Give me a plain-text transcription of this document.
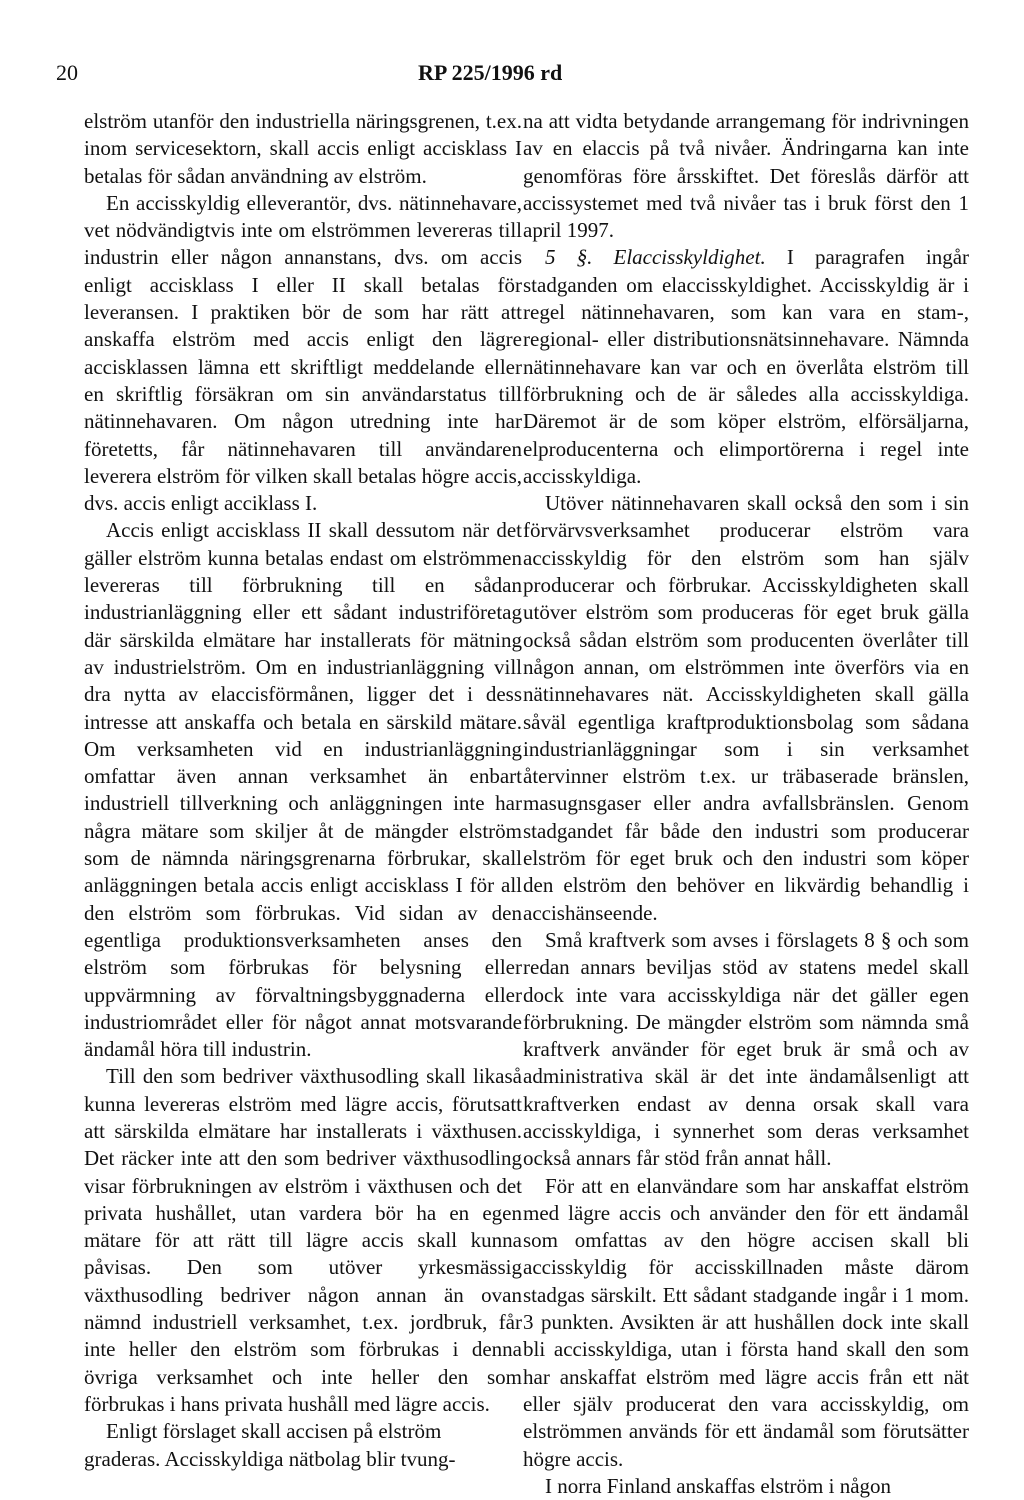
20	RP 225/1996 rd

elström utanför den industriella näringsgrenen, t.ex. inom servicesektorn, skall accis enligt accisklass I betalas för sådan användning av elström.

En accisskyldig elleverantör, dvs. nätinnehavare, vet nödvändigtvis inte om elströmmen levereras till industrin eller någon annanstans, dvs. om accis enligt accisklass I eller II skall betalas för leveransen. I praktiken bör de som har rätt att anskaffa elström med accis enligt den lägre accisklassen lämna ett skriftligt meddelande eller en skriftlig försäkran om sin användarstatus till nätinnehavaren. Om någon utredning inte har företetts, får nätinnehavaren till användaren leverera elström för vilken skall betalas högre accis, dvs. accis enligt acciklass I.

Accis enligt accisklass II skall dessutom när det gäller elström kunna betalas endast om elströmmen levereras till förbrukning till en sådan industrianläggning eller ett sådant industriföretag där särskilda elmätare har installerats för mätning av industrielström. Om en industrianläggning vill dra nytta av elaccisförmånen, ligger det i dess intresse att anskaffa och betala en särskild mätare. Om verksamheten vid en industrianläggning omfattar även annan verksamhet än enbart industriell tillverkning och anläggningen inte har några mätare som skiljer åt de mängder elström som de nämnda näringsgrenarna förbrukar, skall anläggningen betala accis enligt accisklass I för all den elström som förbrukas. Vid sidan av den egentliga produktionsverksamheten anses den elström som förbrukas för belysning eller uppvärmning av förvaltningsbyggnaderna eller industriområdet eller för något annat motsvarande ändamål höra till industrin.

Till den som bedriver växthusodling skall likaså kunna levereras elström med lägre accis, förutsatt att särskilda elmätare har installerats i växthusen. Det räcker inte att den som bedriver växthusodling visar förbrukningen av elström i växthusen och det privata hushållet, utan vardera bör ha en egen mätare för att rätt till lägre accis skall kunna påvisas. Den som utöver yrkesmässig växthusodling bedriver någon annan än ovan nämnd industriell verksamhet, t.ex. jordbruk, får inte heller den elström som förbrukas i denna övriga verksamhet och inte heller den som förbrukas i hans privata hushåll med lägre accis.

Enligt förslaget skall accisen på elström graderas. Accisskyldiga nätbolag blir tvung-

na att vidta betydande arrangemang för indrivningen av en elaccis på två nivåer. Ändringarna kan inte genomföras före årsskiftet. Det föreslås därför att accissystemet med två nivåer tas i bruk först den 1 april 1997.

5 §. Elaccisskyldighet. I paragrafen ingår stadganden om elaccisskyldighet. Accisskyldig är i regel nätinnehavaren, som kan vara en stam-, regional- eller distributionsnätsinnehavare. Nämnda nätinnehavare kan var och en överlåta elström till förbrukning och de är således alla accisskyldiga. Däremot är de som köper elström, elförsäljarna, elproducenterna och elimportörerna i regel inte accisskyldiga.

Utöver nätinnehavaren skall också den som i sin förvärvsverksamhet producerar elström vara accisskyldig för den elström som han själv producerar och förbrukar. Accisskyldigheten skall utöver elström som produceras för eget bruk gälla också sådan elström som producenten överlåter till någon annan, om elströmmen inte överförs via en nätinnehavares nät. Accisskyldigheten skall gälla såväl egentliga kraftproduktionsbolag som sådana industrianläggningar som i sin verksamhet återvinner elström t.ex. ur träbaserade bränslen, masugnsgaser eller andra avfallsbränslen. Genom stadgandet får både den industri som producerar elström för eget bruk och den industri som köper den elström den behöver en likvärdig behandlig i accishänseende.

Små kraftverk som avses i förslagets 8 § och som redan annars beviljas stöd av statens medel skall dock inte vara accisskyldiga när det gäller egen förbrukning. De mängder elström som nämnda små kraftverk använder för eget bruk är små och av administrativa skäl är det inte ändamålsenligt att kraftverken endast av denna orsak skall vara accisskyldiga, i synnerhet som deras verksamhet också annars får stöd från annat håll.

För att en elanvändare som har anskaffat elström med lägre accis och använder den för ett ändamål som omfattas av den högre accisen skall bli accisskyldig för accisskillnaden måste därom stadgas särskilt. Ett sådant stadgande ingår i 1 mom. 3 punkten. Avsikten är att hushållen dock inte skall bli accisskyldiga, utan i första hand skall den som har anskaffat elström med lägre accis från ett nät eller själv producerat den vara accisskyldig, om elströmmen används för ett ändamål som förutsätter högre accis.

I norra Finland anskaffas elström i någon
